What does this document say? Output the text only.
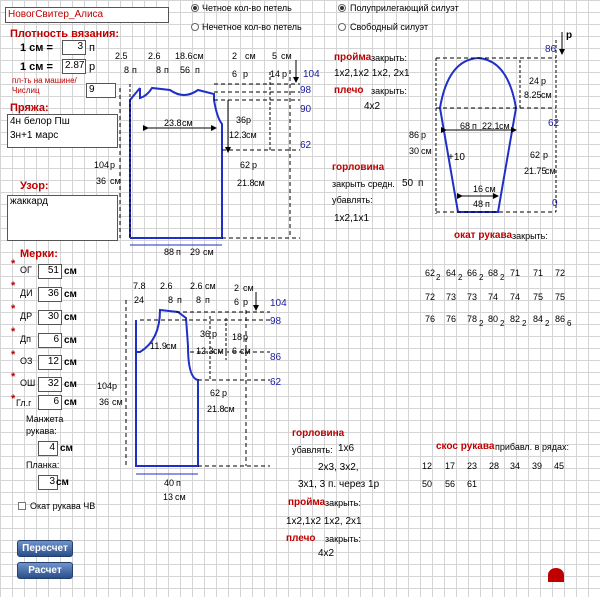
НовогСвитер_Алиса
Четное кол-во петель
Нечетное кол-во петель
Полуприлегающий силуэт
Свободный силуэт
Плотность вязания:
1 см =	3 п
1 см =	2.87 р
пл-ть на машине/
Числиц	9
Пряжа:
4н белор Пш
3н+1 марс
Узор:
жаккард
Мерки:
* ОГ	51 см
*
ДИ	36 см
*
ДР	30 см
*
Дп	6 см
* ОЗ	12 см
* ОШ	32 см
* Гл.г	6 см
Манжета
рукава:
4 см
Планка:
3 см
Окат рукава ЧВ
Пересчет
Расчет
2.5 2.6 18.6 см
8 п 8 п 56 п
2 см
6 р
5 см
14 р 104
98
90
62
23.8 см	36 р
12.3 см
62 р
21.8 см
104 р
36 см
88 п 29 см
7.8 2.6 2.6 см
24	8 п 8 п
2 см
6 р 104
98
36 р 18 р
11.9 см 12.3 см 6 см
86
62
62 р
21.8 см
104 р
36 см
40 п
13 см
пройма закрыть:
1х2,1х2 1х2, 2х1
плечо закрыть:
4х2
горловина
закрыть средн. 50 п
убавлять:
1х2,1х1
86
р
24 р
8.25 см
62
86 р
30 см
68 п 22.1 см
+10	62 р
21.75
см
16 см
48 п	0
окат рукава закрыть:
62 2 64 2 66 2 68 2 71 71 72
72 73 73 74 74 75 75
76 76 78 2 80 2 82 2 84 2 86 6
горловина
убавлять: 1х6
2х3, 3х2,
3х1, 3 п. через 1р
пройма закрыть:
1х2,1х2 1х2, 2х1
плечо закрыть:
4х2
скос рукава прибавл. в рядах:
12 17 23 28 34 39 45
50 56 61
